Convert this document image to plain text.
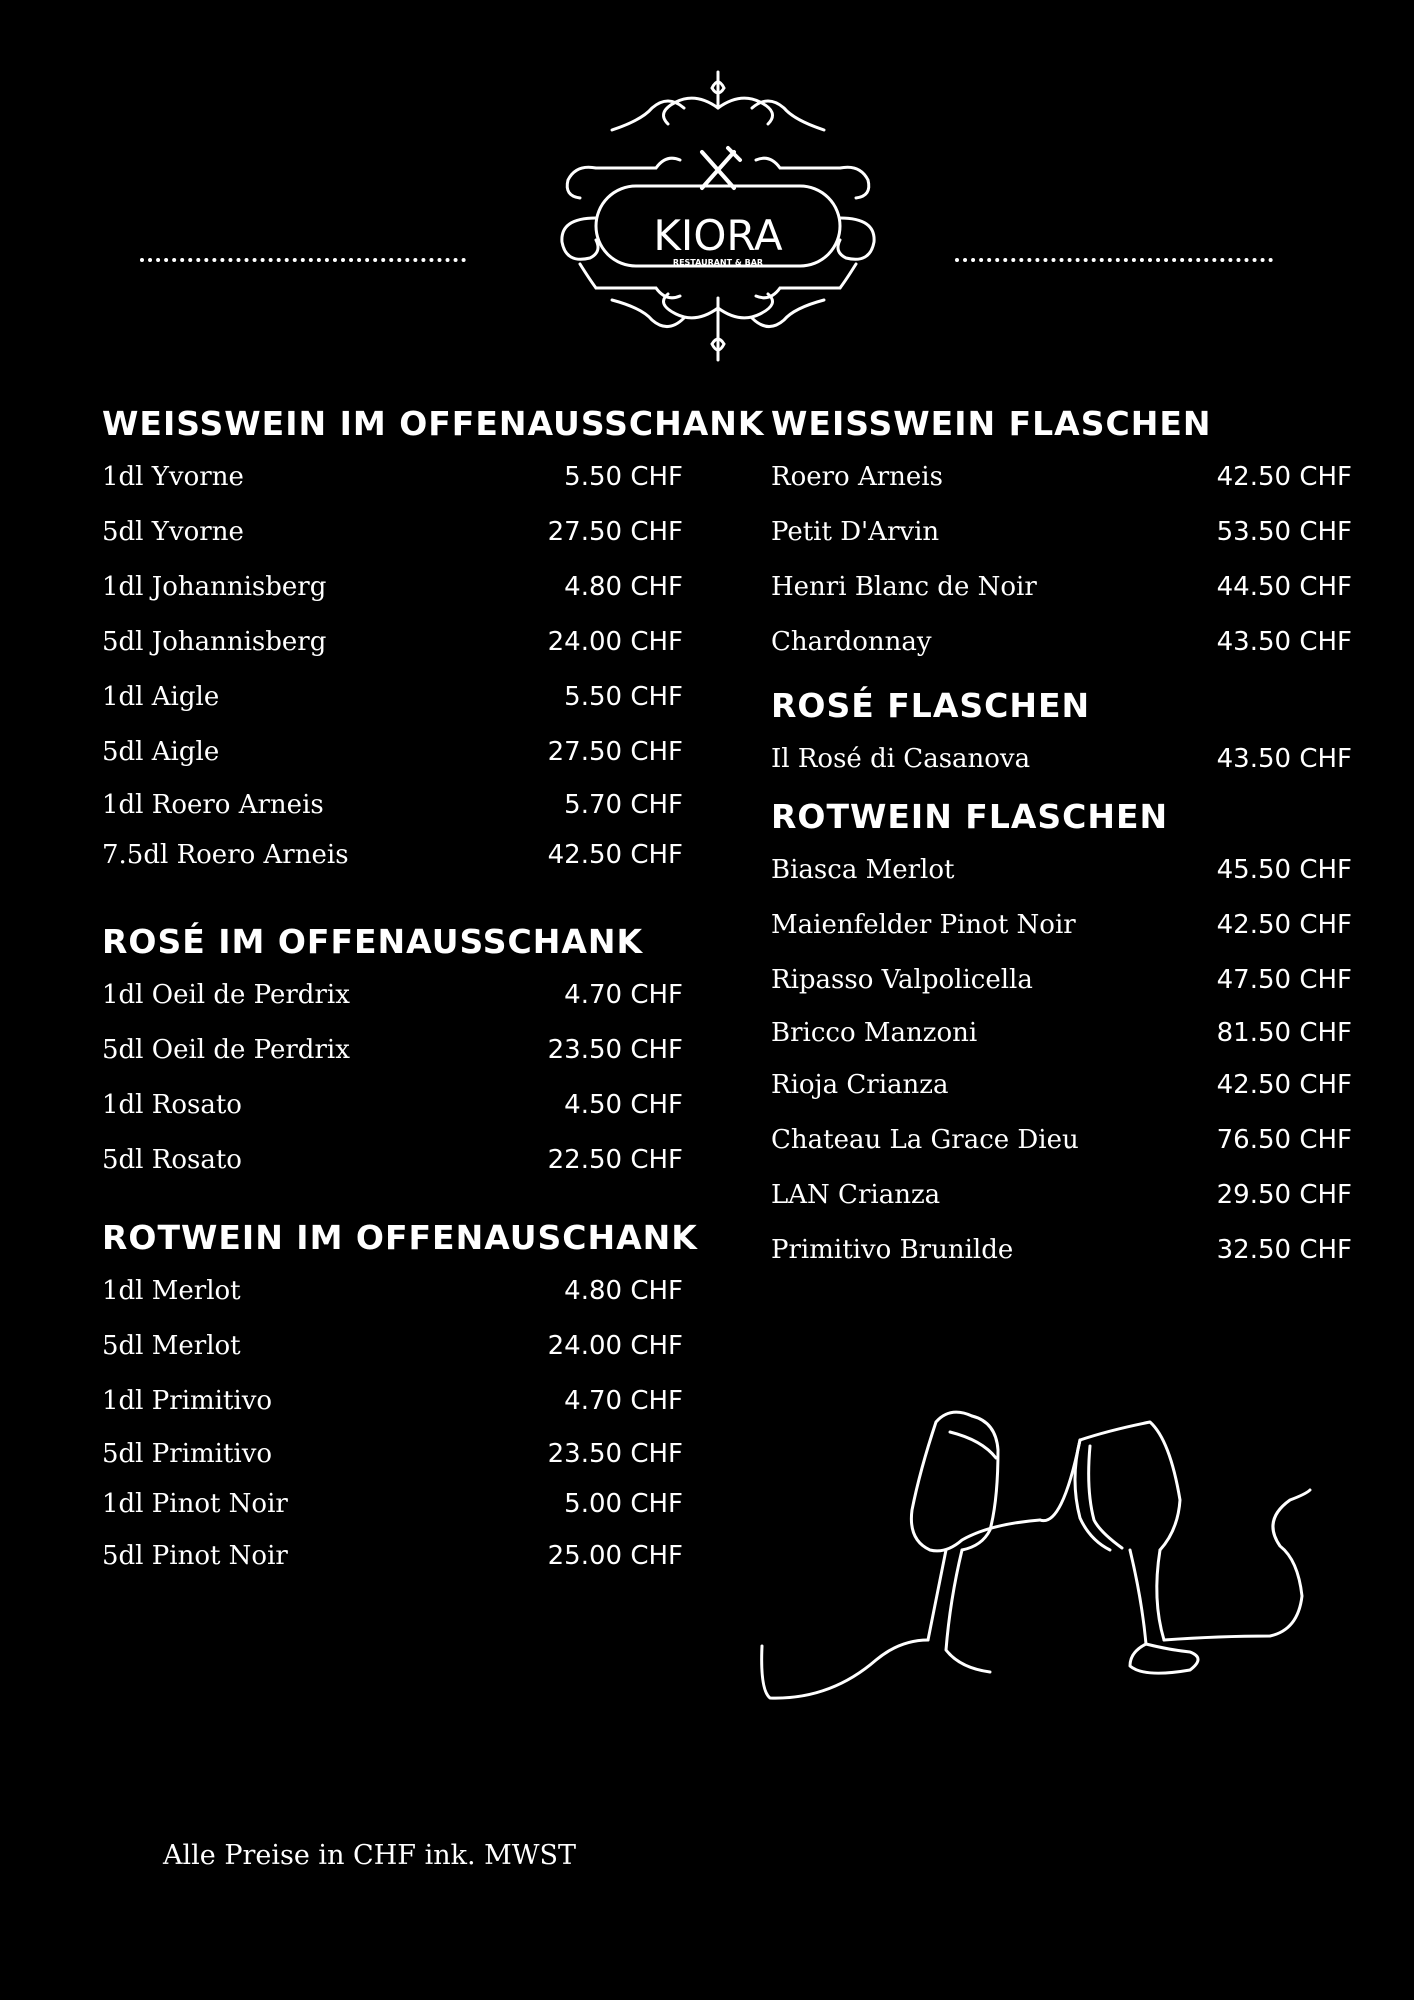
KIORA
RESTAURANT & BAR
WEISSWEIN IM OFFENAUSSCHANK
1dl Yvorne	5.50 CHF
5dl Yvorne	27.50 CHF
1dl Johannisberg	4.80 CHF
5dl Johannisberg	24.00 CHF
1dl Aigle	5.50 CHF
5dl Aigle	27.50 CHF
1dl Roero Arneis	5.70 CHF
7.5dl Roero Arneis	42.50 CHF
ROSÉ IM OFFENAUSSCHANK
1dl Oeil de Perdrix	4.70 CHF
5dl Oeil de Perdrix	23.50 CHF
1dl Rosato	4.50 CHF
5dl Rosato	22.50 CHF
ROTWEIN IM OFFENAUSCHANK
1dl Merlot	4.80 CHF
5dl Merlot	24.00 CHF
1dl Primitivo	4.70 CHF
5dl Primitivo	23.50 CHF
1dl Pinot Noir	5.00 CHF
5dl Pinot Noir	25.00 CHF
WEISSWEIN FLASCHEN
Roero Arneis	42.50 CHF
Petit D'Arvin	53.50 CHF
Henri Blanc de Noir	44.50 CHF
Chardonnay	43.50 CHF
ROSÉ FLASCHEN
Il Rosé di Casanova	43.50 CHF
ROTWEIN FLASCHEN
Biasca Merlot	45.50 CHF
Maienfelder Pinot Noir	42.50 CHF
Ripasso Valpolicella	47.50 CHF
Bricco Manzoni	81.50 CHF
Rioja Crianza	42.50 CHF
Chateau La Grace Dieu	76.50 CHF
LAN Crianza	29.50 CHF
Primitivo Brunilde	32.50 CHF
Alle Preise in CHF ink. MWST
